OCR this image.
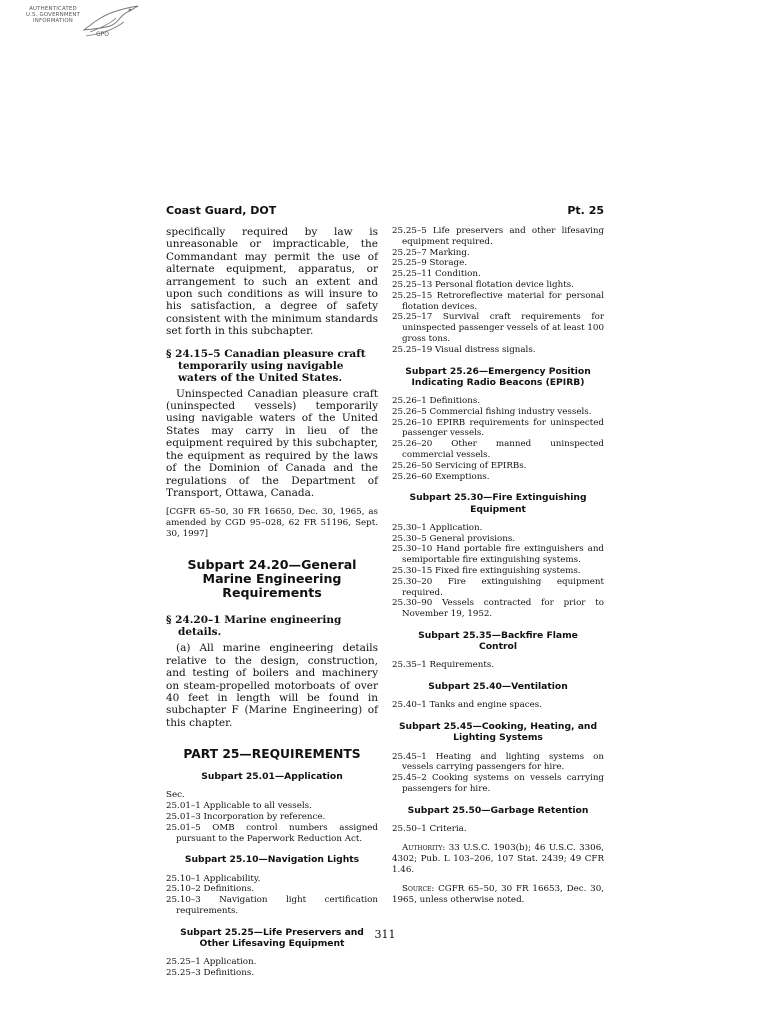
AUTHENTICATED
U.S. GOVERNMENT
INFORMATION
GPO
Coast Guard, DOT	Pt. 25

specifically required by law is unreasonable or impracticable, the Commandant may permit the use of alternate equipment, apparatus, or arrangement to such an extent and upon such conditions as will insure to his satisfaction, a degree of safety consistent with the minimum standards set forth in this subchapter.

§ 24.15–5 Canadian pleasure craft temporarily using navigable waters of the United States.

Uninspected Canadian pleasure craft (uninspected vessels) temporarily using navigable waters of the United States may carry in lieu of the equipment required by this subchapter, the equipment as required by the laws of the Dominion of Canada and the regulations of the Department of Transport, Ottawa, Canada.

[CGFR 65–50, 30 FR 16650, Dec. 30, 1965, as amended by CGD 95–028, 62 FR 51196, Sept. 30, 1997]

Subpart 24.20—General Marine Engineering Requirements
§ 24.20–1 Marine engineering details.

(a) All marine engineering details relative to the design, construction, and testing of boilers and machinery on steam-propelled motorboats of over 40 feet in length will be found in subchapter F (Marine Engineering) of this chapter.

PART 25—REQUIREMENTS
Subpart 25.01—Application

Sec.

25.01–1 Applicable to all vessels.

25.01–3 Incorporation by reference.

25.01–5 OMB control numbers assigned pursuant to the Paperwork Reduction Act.

Subpart 25.10—Navigation Lights

25.10–1 Applicability.

25.10–2 Definitions.

25.10–3 Navigation light certification requirements.

Subpart 25.25—Life Preservers and Other Lifesaving Equipment

25.25–1 Application.

25.25–3 Definitions.

25.25–5 Life preservers and other lifesaving equipment required.

25.25–7 Marking.

25.25–9 Storage.

25.25–11 Condition.

25.25–13 Personal flotation device lights.

25.25–15 Retroreflective material for personal flotation devices.

25.25–17 Survival craft requirements for uninspected passenger vessels of at least 100 gross tons.

25.25–19 Visual distress signals.

Subpart 25.26—Emergency Position Indicating Radio Beacons (EPIRB)

25.26–1 Definitions.

25.26–5 Commercial fishing industry vessels.

25.26–10 EPIRB requirements for uninspected passenger vessels.

25.26–20 Other manned uninspected commercial vessels.

25.26–50 Servicing of EPIRBs.

25.26–60 Exemptions.

Subpart 25.30—Fire Extinguishing Equipment

25.30–1 Application.

25.30–5 General provisions.

25.30–10 Hand portable fire extinguishers and semiportable fire extinguishing systems.

25.30–15 Fixed fire extinguishing systems.

25.30–20 Fire extinguishing equipment required.

25.30–90 Vessels contracted for prior to November 19, 1952.

Subpart 25.35—Backfire Flame Control

25.35–1 Requirements.

Subpart 25.40—Ventilation

25.40–1 Tanks and engine spaces.

Subpart 25.45—Cooking, Heating, and Lighting Systems

25.45–1 Heating and lighting systems on vessels carrying passengers for hire.

25.45–2 Cooking systems on vessels carrying passengers for hire.

Subpart 25.50—Garbage Retention

25.50–1 Criteria.

Authority: 33 U.S.C. 1903(b); 46 U.S.C. 3306, 4302; Pub. L 103–206, 107 Stat. 2439; 49 CFR 1.46.

Source: CGFR 65–50, 30 FR 16653, Dec. 30, 1965, unless otherwise noted.

311
